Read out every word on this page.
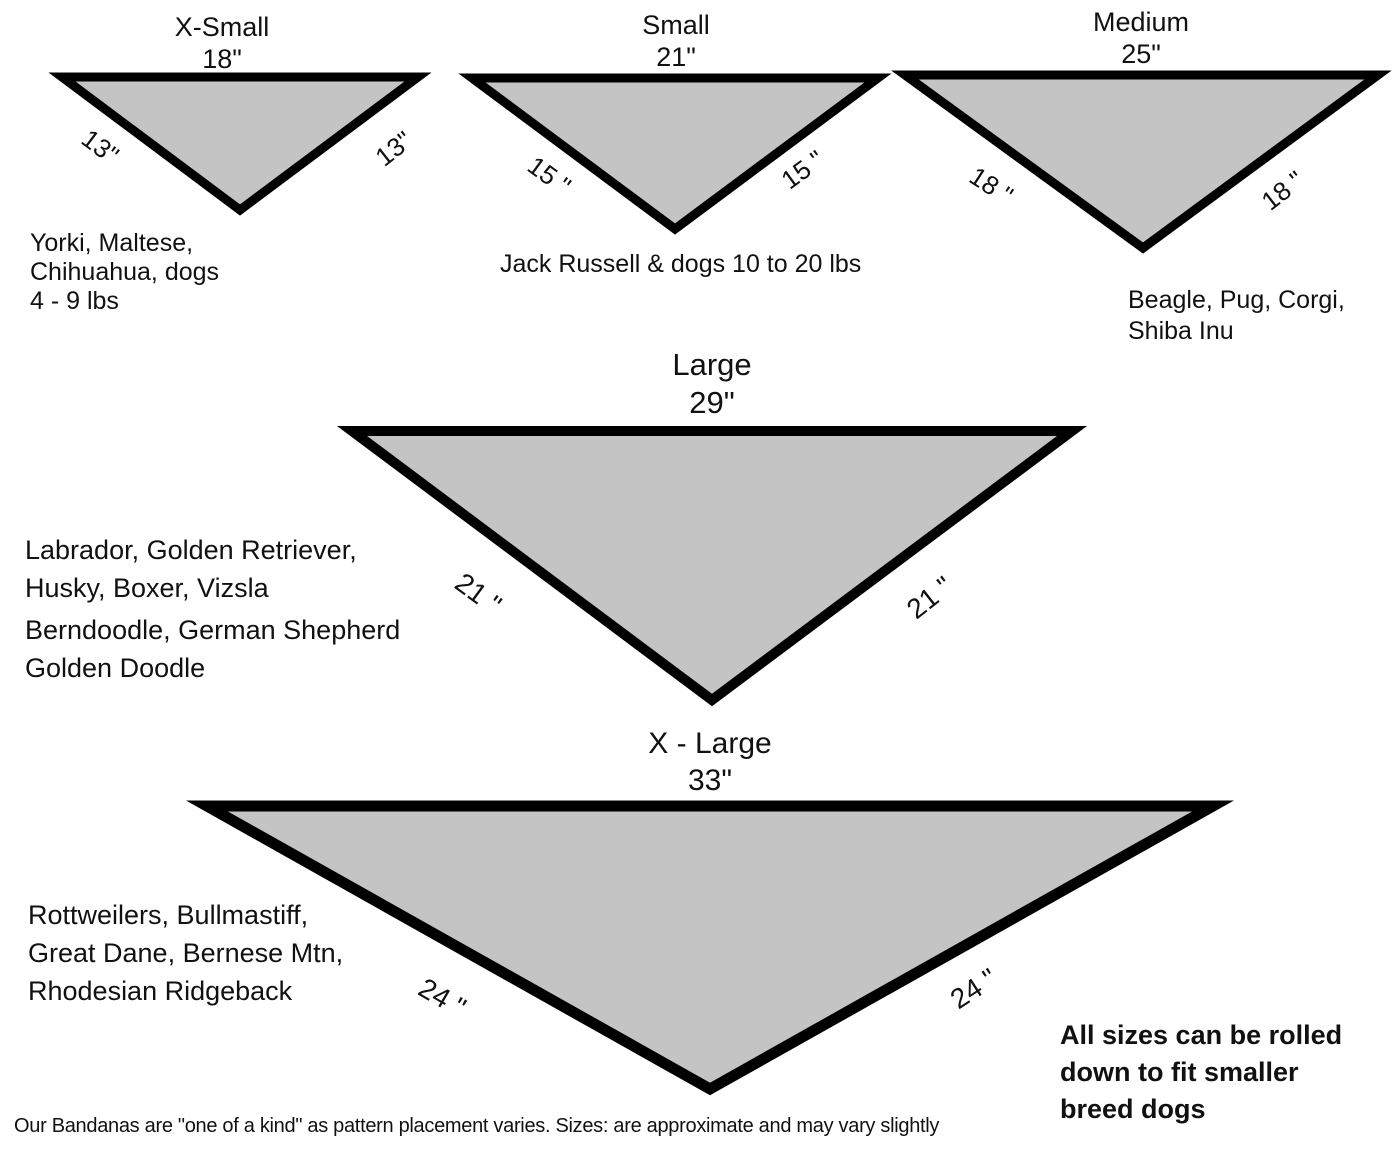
X-Small
18"
13"	13"
Yorki, Maltese,
Chihuahua, dogs
4 - 9 lbs
Small
21"
15 "	15 "
Jack Russell & dogs 10 to 20 lbs
Medium
25"
18 "	18 "
Beagle, Pug, Corgi,
Shiba Inu
Large
29"
21 "	21 "
Labrador, Golden Retriever,
Husky, Boxer, Vizsla
Berndoodle, German Shepherd
Golden Doodle
X - Large
33"
24 "	24 "
Rottweilers, Bullmastiff,
Great Dane, Bernese Mtn,
Rhodesian Ridgeback
All sizes can be rolled
down to fit smaller
breed dogs
Our Bandanas are "one of a kind" as pattern placement varies. Sizes: are approximate and may vary slightly
